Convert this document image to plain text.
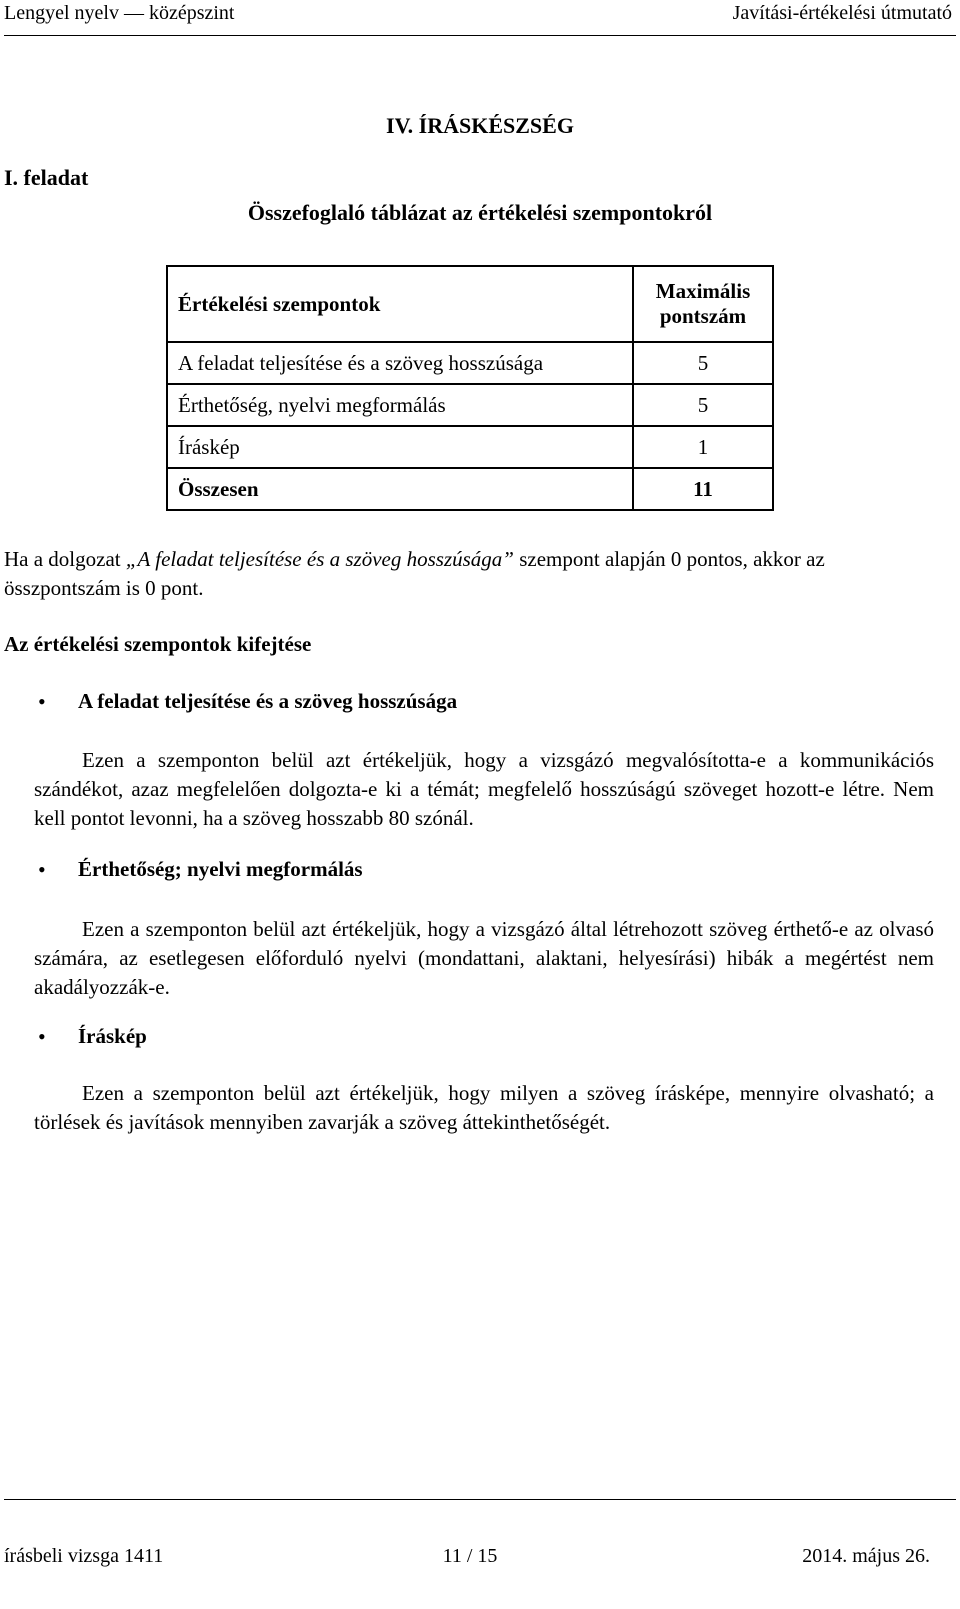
Lengyel nyelv — középszint	Javítási-értékelési útmutató
IV. ÍRÁSKÉSZSÉG
I. feladat
Összefoglaló táblázat az értékelési szempontokról
Értékelési szempontok	Maximális
pontszám

A feladat teljesítése és a szöveg hosszúsága	5
Érthetőség, nyelvi megformálás	5
Íráskép	1
Összesen	11
Ha a dolgozat „A feladat teljesítése és a szöveg hosszúsága” szempont alapján 0 pontos, akkor az összpontszám is 0 pont.
Az értékelési szempontok kifejtése
• A feladat teljesítése és a szöveg hosszúsága
Ezen a szemponton belül azt értékeljük, hogy a vizsgázó megvalósította-e a kommunikációs szándékot, azaz megfelelően dolgozta-e ki a témát; megfelelő hosszúságú szöveget hozott-e létre. Nem kell pontot levonni, ha a szöveg hosszabb 80 szónál.
• Érthetőség; nyelvi megformálás
Ezen a szemponton belül azt értékeljük, hogy a vizsgázó által létrehozott szöveg érthető-e az olvasó számára, az esetlegesen előforduló nyelvi (mondattani, alaktani, helyesírási) hibák a megértést nem akadályozzák-e.
• Íráskép
Ezen a szemponton belül azt értékeljük, hogy milyen a szöveg írásképe, mennyire olvasható; a törlések és javítások mennyiben zavarják a szöveg áttekinthetőségét.
írásbeli vizsga 1411	11 / 15	2014. május 26.
